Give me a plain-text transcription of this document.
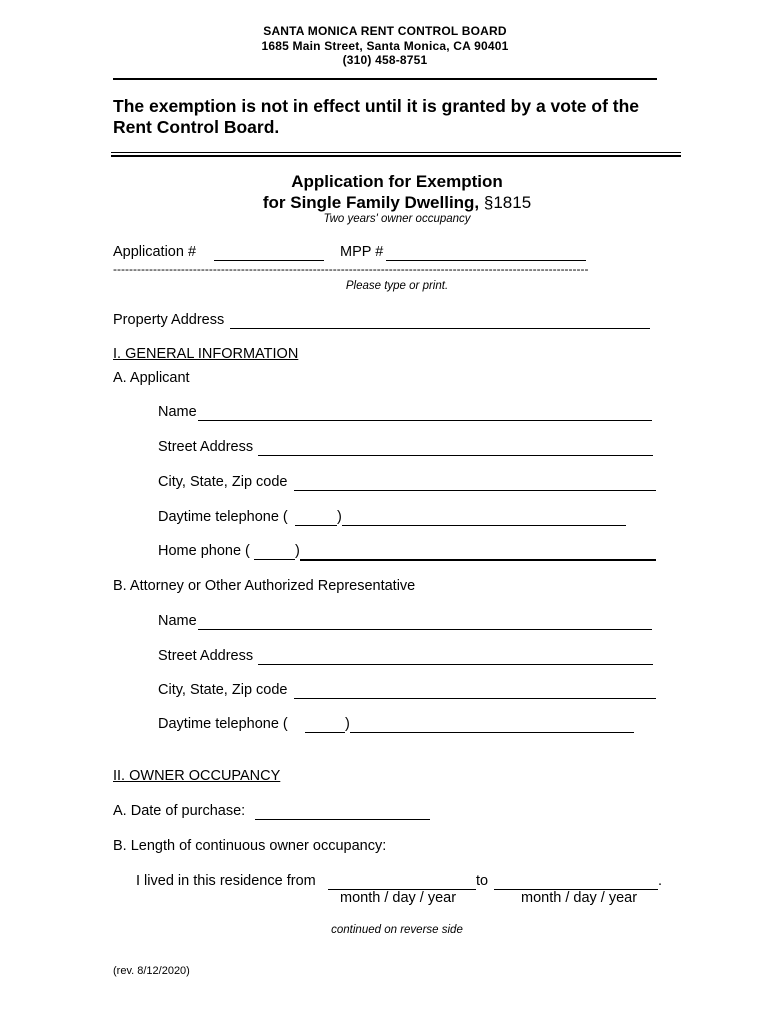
SANTA MONICA RENT CONTROL BOARD
1685 Main Street, Santa Monica, CA 90401
(310) 458-8751
The exemption is not in effect until it is granted by a vote of the
Rent Control Board.
Application for Exemption
for Single Family Dwelling, §1815
Two years' owner occupancy
Application #	MPP #
-----------------------------------------------------------------------------------------------------------------------
Please type or print.
Property Address
I. GENERAL INFORMATION
A. Applicant
Name
Street Address
City, State, Zip code
Daytime telephone (	)
Home phone (	)
B. Attorney or Other Authorized Representative
Name
Street Address
City, State, Zip code
Daytime telephone (	)
II. OWNER OCCUPANCY
A. Date of purchase:
B. Length of continuous owner occupancy:
I lived in this residence from	to	.
month / day / year	month / day / year
continued on reverse side
(rev. 8/12/2020)
